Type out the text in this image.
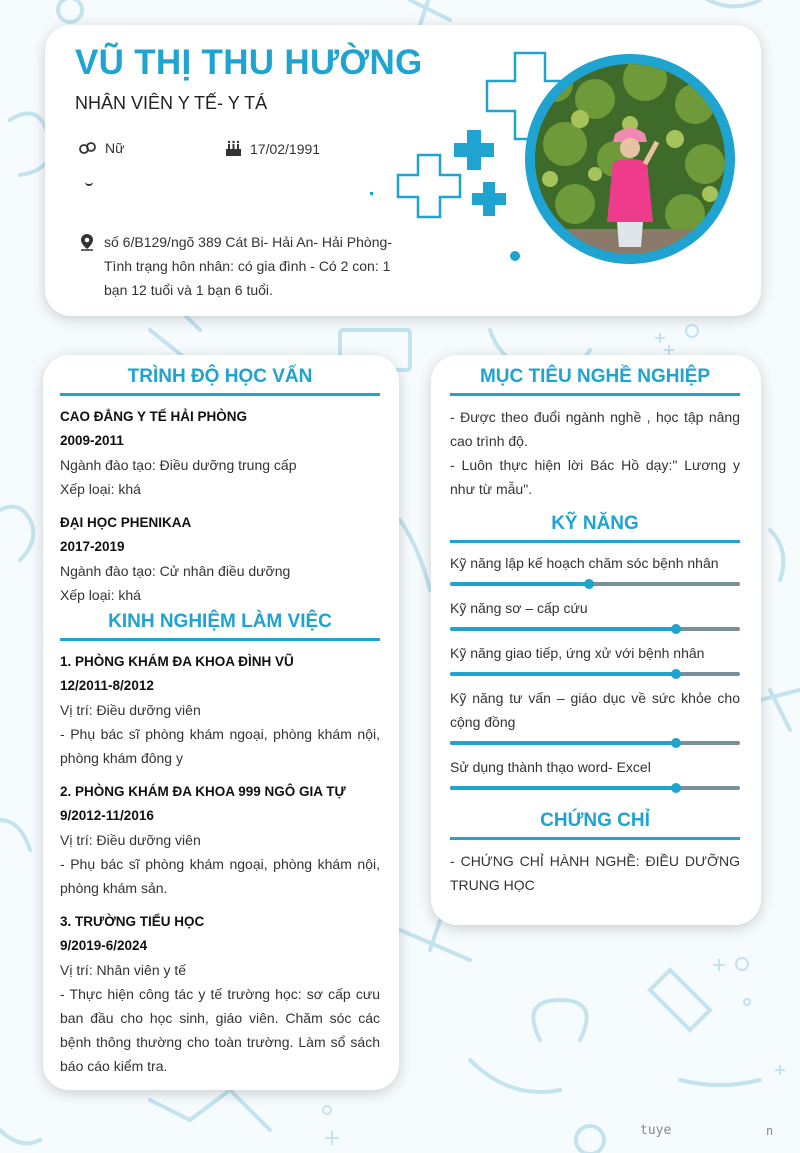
VŨ THỊ THU HƯỜNG

NHÂN VIÊN Y TẾ- Y TÁ

Nữ	17/02/1991
số 6/B129/ngõ 389 Cát Bi- Hải An- Hải Phòng- Tình trạng hôn nhân: có gia đình - Có 2 con: 1 bạn 12 tuổi và 1 bạn 6 tuổi.
TRÌNH ĐỘ HỌC VẤN
CAO ĐẲNG Y TẾ HẢI PHÒNG
2009-2011
Ngành đào tạo: Điều dưỡng trung cấp
Xếp loại: khá
ĐẠI HỌC PHENIKAA
2017-2019
Ngành đào tạo: Cử nhân điều dưỡng
Xếp loại: khá
KINH NGHIỆM LÀM VIỆC
1. PHÒNG KHÁM ĐA KHOA ĐÌNH VŨ
12/2011-8/2012
Vị trí: Điều dưỡng viên
- Phụ bác sĩ phòng khám ngoại, phòng khám nội, phòng khám đông y
2. PHÒNG KHÁM ĐA KHOA 999 NGÔ GIA TỰ
9/2012-11/2016
Vị trí: Điều dưỡng viên
- Phụ bác sĩ phòng khám ngoại, phòng khám nội, phòng khám sản.
3. TRƯỜNG TIỂU HỌC
9/2019-6/2024
Vị trí: Nhân viên y tế
- Thực hiện công tác y tế trường học: sơ cấp cưu ban đầu cho học sinh, giáo viên. Chăm sóc các bệnh thông thường cho toàn trường. Làm sổ sách báo cáo kiểm tra.
MỤC TIÊU NGHỀ NGHIỆP
- Được theo đuổi ngành nghề , học tập nâng cao trình độ.
- Luôn thực hiện lời Bác Hồ dạy:" Lương y như từ mẫu".
KỸ NĂNG
Kỹ năng lập kế hoạch chăm sóc bệnh nhân
Kỹ năng sơ – cấp cứu
Kỹ năng giao tiếp, ứng xử với bệnh nhân
Kỹ năng tư vấn – giáo dục về sức khỏe cho cộng đồng
Sử dụng thành thạo word- Excel
CHỨNG CHỈ
- CHỨNG CHỈ HÀNH NGHỀ: ĐIỀU DƯỠNG TRUNG HỌC
tuye	n
